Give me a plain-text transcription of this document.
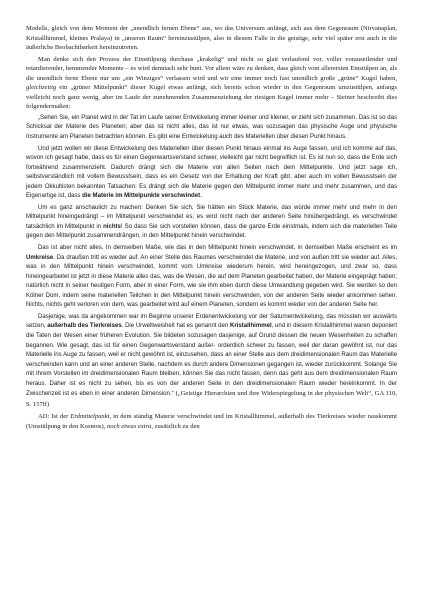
Modells, gleich von dem Moment der „unendlich fernen Ebene“ aus, wo das Universum anfängt, sich aus dem Gegenraum (Nirvanaplan, Kristallhimmel, kleines Pralaya) in „unseren Raum“ hereinzustülpen, also in diesem Falle in die geistige, sehr viel später erst auch in die äußerliche Beobachtbarkeit hereinzutreten.

Man denke sich den Prozess der Einstülpung durchaus „krakelig“ und nicht so glatt verlaufend vor, voller vorauseilender und retardierender, hemmender Momente – es wird demnach sehr bunt. Vor allem wäre zu denken, dass gleich vom allerersten Einstülpen an, als die unendlich ferne Ebene nur um „ein Winziges“ verlassen wird und wir eine immer noch fast unendlich große „grüne“ Kugel haben, gleichzeitig ein „grüner Mittelpunkt“ dieser Kugel etwas anfängt, sich bereits schon wieder in den Gegenraum umzustülpen, anfangs vielleicht noch ganz wenig, aber im Laufe der zunehmenden Zusammenziehung der riesigen Kugel immer mehr – Steiner beschreibt dies folgendermaßen:

„Sehen Sie, ein Planet wird in der Tat im Laufe seiner Entwickelung immer kleiner und kleiner, er zieht sich zusammen. Das ist so das Schicksal der Materie des Planeten; aber das ist nicht alles, das ist nur etwas, was sozusagen das physische Auge und physische Instrumente am Planeten betrachten können. Es gibt eine Entwickelung auch des Materiellen über diesen Punkt hinaus.

Und jetzt wollen wir diese Entwickelung des Materiellen über diesen Punkt hinaus einmal ins Auge fassen, und ich komme auf das, wovon ich gesagt habe, dass es für einen Gegenwartsverstand schwer, vielleicht gar nicht begreiflich ist. Es ist nun so, dass die Erde sich fortwährend zusammenzieht. Dadurch drängt sich die Materie von allen Seiten nach dem Mittelpunkte. Und jetzt sage ich, selbstverständlich mit vollem Bewusstsein, dass es ein Gesetz von der Erhaltung der Kraft gibt, aber auch im vollen Bewusstsein der jedem Okkultisten bekannten Tatsachen: Es drängt sich die Materie gegen den Mittelpunkt immer mehr und mehr zusammen, und das Eigenartige ist, dass die Materie im Mittelpunkte verschwindet.

Um es ganz anschaulich zu machen: Denken Sie sich, Sie hätten ein Stück Materie, das würde immer mehr und mehr in den Mittelpunkt hineingedrängt – im Mittelpunkt verschwindet es; es wird nicht nach der anderen Seite hinübergedrängt, es verschwindet tatsächlich im Mittelpunkt in nichts! So dass Sie sich vorstellen können, dass die ganze Erde einstmals, indem sich die materiellen Teile gegen den Mittelpunkt zusammendrängen, in den Mittelpunkt hinein verschwindet.

Das ist aber nicht alles. In demselben Maße, wie das in den Mittelpunkt hinein verschwindet, in demselben Maße erscheint es im Umkreise. Da draußen tritt es wieder auf. An einer Stelle des Raumes verschwindet die Materie, und von außen tritt sie wieder auf. Alles, was in den Mittelpunkt hinein verschwindet, kommt vom Umkreise wiederum herein, wird hereingezogen, und zwar so, dass hineingearbeitet ist jetzt in diese Materie alles das, was die Wesen, die auf dem Planeten gearbeitet haben, der Materie eingeprägt haben; natürlich nicht in seiner heutigen Form, aber in einer Form, wie sie ihm eben durch diese Umwandlung gegeben wird. Sie werden so den Kölner Dom, indem seine materiellen Teilchen in den Mittelpunkt hinein verschwinden, von der anderen Seite wieder ankommen sehen. Nichts, nichts geht verloren von dem, was gearbeitet wird auf einem Planeten, sondern es kommt wieder von der anderen Seite her.

Dasjenige, was da angekommen war im Beginne unserer Erdenentwickelung vor der Saturnentwickelung, das müssten wir auswärts setzen, außerhalb des Tierkreises. Die Urweltweisheit hat es genannt den Kristallhimmel, und in diesem Kristallhimmel waren deponiert die Taten der Wesen einer früheren Evolution. Sie bildeten sozusagen dasjenige, auf Grund dessen die neuen Wesenheiten zu schaffen begannen. Wie gesagt, das ist für einen Gegenwartsverstand außer- ordentlich schwer zu fassen, weil der daran gewöhnt ist, nur das Materielle ins Auge zu fassen, weil er nicht gewöhnt ist, einzusehen, dass an einer Stelle aus dem dreidimensionalen Raum das Materielle verschwinden kann und an einer anderen Stelle, nachdem es durch andere Dimensionen gegangen ist, wieder zurückkommt. Solange Sie mit Ihrem Vorstellen im dreidimensionalen Raum bleiben, können Sie das nicht fassen, denn das geht aus dem dreidimensionalen Raum heraus. Daher ist es nicht zu sehen, bis es von der anderen Seite in den dreidimensionalen Raum wieder hereinkommt. In der Zwischenzeit ist es eben in einer anderen Dimension.“ („Geistige Hierarchien und ihre Widerspiegelung in der physischen Welt“, GA 110, S. 157ff)

AD: Ist der Erdmittelpunkt, in dem ständig Materie verschwindet und im Kristallhimmel, außerhalb des Tierkreises wieder rauskommt (Umstülpung in den Kosmos), noch etwas extra, zusätzlich zu den
